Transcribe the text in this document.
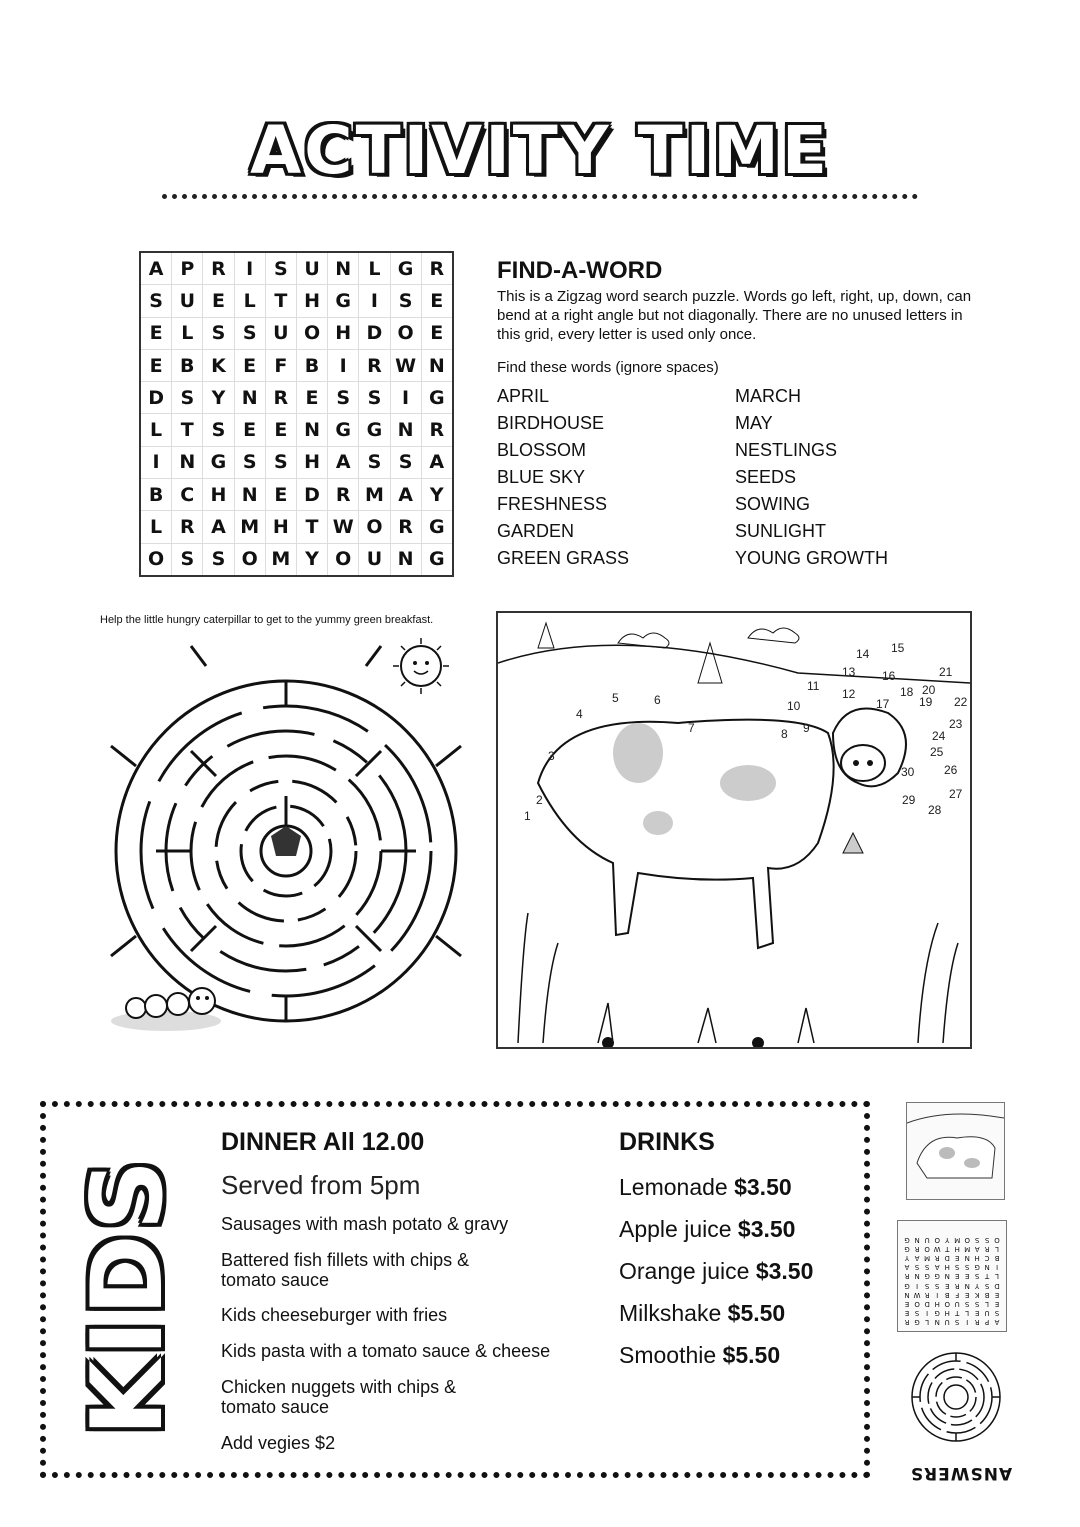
ACTIVITY TIME
A	P	R	I	S	U	N	L	G	R
S	U	E	L	T	H	G	I	S	E
E	L	S	S	U	O	H	D	O	E
E	B	K	E	F	B	I	R	W	N
D	S	Y	N	R	E	S	S	I	G
L	T	S	E	E	N	G	G	N	R
I	N	G	S	S	H	A	S	S	A
B	C	H	N	E	D	R	M	A	Y
L	R	A	M	H	T	W	O	R	G
O	S	S	O	M	Y	O	U	N	G
FIND-A-WORD
This is a Zigzag word search puzzle. Words go left, right, up, down, can bend at a right angle but not diagonally. There are no unused letters in this grid, every letter is used only once.
Find these words (ignore spaces)
APRIL
BIRDHOUSE
BLOSSOM
BLUE SKY
FRESHNESS
GARDEN
GREEN GRASS
MARCH
MAY
NESTLINGS
SEEDS
SOWING
SUNLIGHT
YOUNG GROWTH
Help the little hungry caterpillar to get to the yummy green breakfast.
1
2
3
4
5	6
7	8 9
10
11
12
13
14 15
16
17
18
19
20
21
22
23
24
25
26
27
28
29
30
KIDS
DINNER All 12.00
Served from 5pm
Sausages with mash potato & gravy
Battered fish fillets with chips & tomato sauce
Kids cheeseburger with fries
Kids pasta with a tomato sauce & cheese
Chicken nuggets with chips & tomato sauce
Add vegies $2
DRINKS
Lemonade $3.50
Apple juice $3.50
Orange juice $3.50
Milkshake $5.50
Smoothie $5.50
A	P	R	I	S	U	N	L	G	R
S	U	E	L	T	H	G	I	S	E
E	L	S	S	U	O	H	D	O	E
E	B	K	E	F	B	I	R	W	N
D	S	Y	N	R	E	S	S	I	G
L	T	S	E	E	N	G	G	N	R
I	N	G	S	S	H	A	S	S	A
B	C	H	N	E	D	R	M	A	Y
L	R	A	M	H	T	W	O	R	G
O	S	S	O	M	Y	O	U	N	G
ANSWERS
